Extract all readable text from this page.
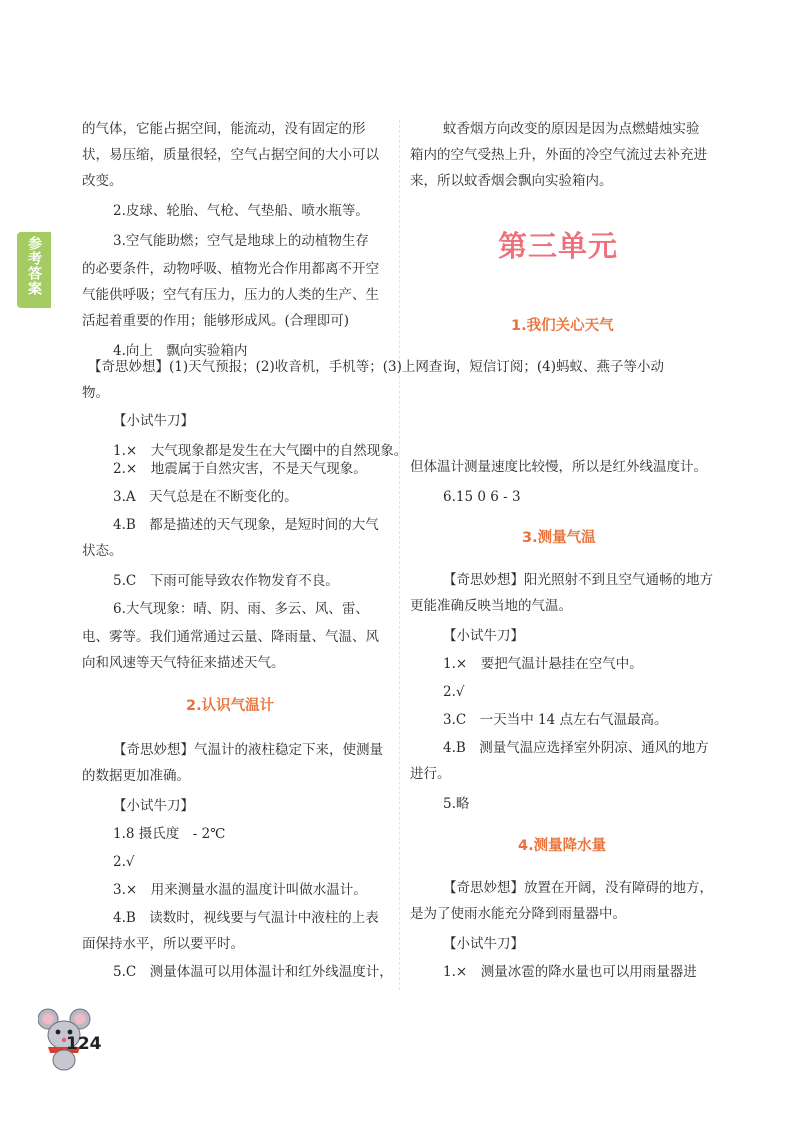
参考答案
的气体，它能占据空间，能流动，没有固定的形
状，易压缩，质量很轻，空气占据空间的大小可以
改变。
2.皮球、轮胎、气枪、气垫船、喷水瓶等。
3.空气能助燃；空气是地球上的动植物生存
的必要条件，动物呼吸、植物光合作用都离不开空
气能供呼吸；空气有压力，压力的人类的生产、生
活起着重要的作用；能够形成风。(合理即可)
4.向上　飘向实验箱内
【奇思妙想】(1)天气预报；(2)收音机，手机等；(3)上网查询，短信订阅；(4)蚂蚁、燕子等小动
物。
【小试牛刀】
1.×　大气现象都是发生在大气圈中的自然现象。
2.×　地震属于自然灾害，不是天气现象。
3.A　天气总是在不断变化的。
4.B　都是描述的天气现象，是短时间的大气
状态。
5.C　下雨可能导致农作物发育不良。
6.大气现象：晴、阴、雨、多云、风、雷、
电、雾等。我们通常通过云量、降雨量、气温、风
向和风速等天气特征来描述天气。
2.认识气温计
【奇思妙想】气温计的液柱稳定下来，使测量
的数据更加准确。
【小试牛刀】
1.8 摄氏度　- 2℃
2.√
3.×　用来测量水温的温度计叫做水温计。
4.B　读数时，视线要与气温计中液柱的上表
面保持水平，所以要平时。
5.C　测量体温可以用体温计和红外线温度计，
蚊香烟方向改变的原因是因为点燃蜡烛实验
箱内的空气受热上升，外面的冷空气流过去补充进
来，所以蚊香烟会飘向实验箱内。
第三单元
1.我们关心天气
但体温计测量速度比较慢，所以是红外线温度计。
6.15 0 6 - 3
3.测量气温
【奇思妙想】阳光照射不到且空气通畅的地方
更能准确反映当地的气温。
【小试牛刀】
1.×　要把气温计悬挂在空气中。
2.√
3.C　一天当中 14 点左右气温最高。
4.B　测量气温应选择室外阴凉、通风的地方
进行。
5.略
4.测量降水量
【奇思妙想】放置在开阔，没有障碍的地方，
是为了使雨水能充分降到雨量器中。
【小试牛刀】
1.×　测量冰雹的降水量也可以用雨量器进
124
